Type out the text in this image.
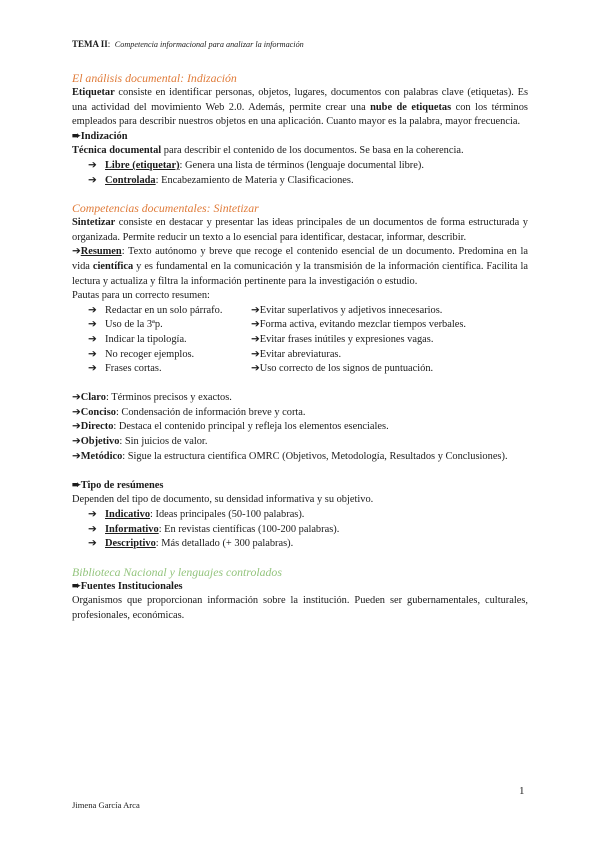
TEMA II: Competencia informacional para analizar la información
El análisis documental: Indización

Etiquetar consiste en identificar personas, objetos, lugares, documentos con palabras clave (etiquetas). Es una actividad del movimiento Web 2.0. Además, permite crear una nube de etiquetas con los términos empleados para describir nuestros objetos en una aplicación. Cuanto mayor es la palabra, mayor frecuencia.

➨Indización

Técnica documental para describir el contenido de los documentos. Se basa en la coherencia.

➔ Libre (etiquetar): Genera una lista de términos (lenguaje documental libre).
➔ Controlada: Encabezamiento de Materia y Clasificaciones.
Competencias documentales: Sintetizar

Sintetizar consiste en destacar y presentar las ideas principales de un documentos de forma estructurada y organizada. Permite reducir un texto a lo esencial para identificar, destacar, informar, describir.

➔Resumen: Texto autónomo y breve que recoge el contenido esencial de un documento. Predomina en la vida científica y es fundamental en la comunicación y la transmisión de la información científica. Facilita la lectura y actualiza y filtra la información pertinente para la investigación o estudio.

Pautas para un correcto resumen:
➔ Redactar en un solo párrafo.
➔ Uso de la 3ªp.
➔ Indicar la tipología.
➔ No recoger ejemplos.
➔ Frases cortas.
➔Evitar superlativos y adjetivos innecesarios.
➔Forma activa, evitando mezclar tiempos verbales.
➔Evitar frases inútiles y expresiones vagas.
➔Evitar abreviaturas.
➔Uso correcto de los signos de puntuación.
➔Claro: Términos precisos y exactos.
➔Conciso: Condensación de información breve y corta.
➔Directo: Destaca el contenido principal y refleja los elementos esenciales.
➔Objetivo: Sin juicios de valor.

➔Metódico: Sigue la estructura científica OMRC (Objetivos, Metodología, Resultados y Conclusiones).

➨Tipo de resúmenes
Dependen del tipo de documento, su densidad informativa y su objetivo.
➔ Indicativo: Ideas principales (50-100 palabras).
➔ Informativo: En revistas científicas (100-200 palabras).
➔ Descriptivo: Más detallado (+ 300 palabras).
Biblioteca Nacional y lenguajes controlados
➨Fuentes Institucionales

Organismos que proporcionan información sobre la institución. Pueden ser gubernamentales, culturales, profesionales, económicas.

1
Jimena García Arca
